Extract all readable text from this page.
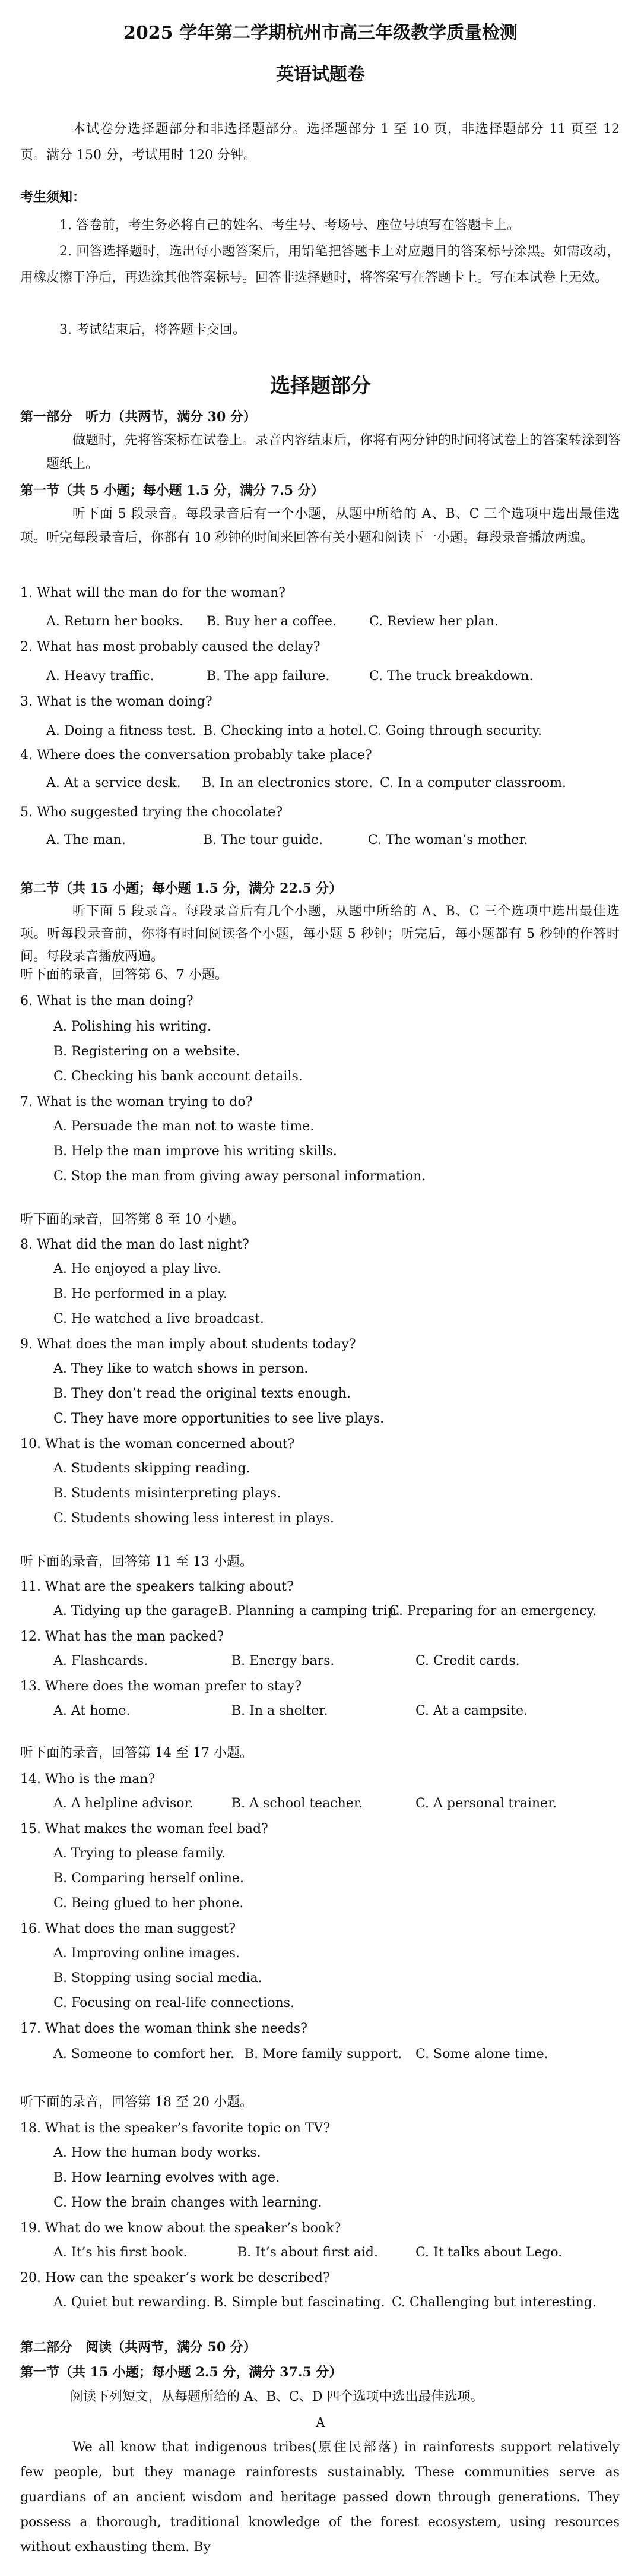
2025 学年第二学期杭州市高三年级教学质量检测
英语试题卷
本试卷分选择题部分和非选择题部分。选择题部分 1 至 10 页，非选择题部分 11 页至 12 页。满分 150 分，考试用时 120 分钟。
考生须知：
1. 答卷前，考生务必将自己的姓名、考生号、考场号、座位号填写在答题卡上。
2. 回答选择题时，选出每小题答案后，用铅笔把答题卡上对应题目的答案标号涂黑。如需改动，用橡皮擦干净后，再选涂其他答案标号。回答非选择题时，将答案写在答题卡上。写在本试卷上无效。
3. 考试结束后，将答题卡交回。
选择题部分
第一部分　听力（共两节，满分 30 分）
做题时，先将答案标在试卷上。录音内容结束后，你将有两分钟的时间将试卷上的答案转涂到答题纸上。
第一节（共 5 小题；每小题 1.5 分，满分 7.5 分）
听下面 5 段录音。每段录音后有一个小题，从题中所给的 A、B、C 三个选项中选出最佳选项。听完每段录音后，你都有 10 秒钟的时间来回答有关小题和阅读下一小题。每段录音播放两遍。
1. What will the man do for the woman?
A. Return her books. B. Buy her a coffee.	C. Review her plan.
2. What has most probably caused the delay?
A. Heavy traffic.	B. The app failure.	C. The truck breakdown.
3. What is the woman doing?
A. Doing a fitness test. B. Checking into a hotel. C. Going through security.
4. Where does the conversation probably take place?
A. At a service desk. B. In an electronics store. C. In a computer classroom.
5. Who suggested trying the chocolate?
A. The man.	B. The tour guide.	C. The woman’s mother.
第二节（共 15 小题；每小题 1.5 分，满分 22.5 分）
听下面 5 段录音。每段录音后有几个小题，从题中所给的 A、B、C 三个选项中选出最佳选项。听每段录音前，你将有时间阅读各个小题，每小题 5 秒钟；听完后，每小题都有 5 秒钟的作答时间。每段录音播放两遍。
听下面的录音，回答第 6、7 小题。
6. What is the man doing?
A. Polishing his writing.
B. Registering on a website.
C. Checking his bank account details.
7. What is the woman trying to do?
A. Persuade the man not to waste time.
B. Help the man improve his writing skills.
C. Stop the man from giving away personal information.
听下面的录音，回答第 8 至 10 小题。
8. What did the man do last night?
A. He enjoyed a play live.
B. He performed in a play.
C. He watched a live broadcast.
9. What does the man imply about students today?
A. They like to watch shows in person.
B. They don’t read the original texts enough.
C. They have more opportunities to see live plays.
10. What is the woman concerned about?
A. Students skipping reading.
B. Students misinterpreting plays.
C. Students showing less interest in plays.
听下面的录音，回答第 11 至 13 小题。
11. What are the speakers talking about?
A. Tidying up the garage.
B. Planning a camping trip.
C. Preparing for an emergency.
12. What has the man packed?
A. Flashcards.	B. Energy bars.	C. Credit cards.
13. Where does the woman prefer to stay?
A. At home.	B. In a shelter.	C. At a campsite.
听下面的录音，回答第 14 至 17 小题。
14. Who is the man?
A. A helpline advisor.	B. A school teacher.	C. A personal trainer.
15. What makes the woman feel bad?
A. Trying to please family.
B. Comparing herself online.
C. Being glued to her phone.
16. What does the man suggest?
A. Improving online images.
B. Stopping using social media.
C. Focusing on real-life connections.
17. What does the woman think she needs?
A. Someone to comfort her. B. More family support. C. Some alone time.
听下面的录音，回答第 18 至 20 小题。
18. What is the speaker’s favorite topic on TV?
A. How the human body works.
B. How learning evolves with age.
C. How the brain changes with learning.
19. What do we know about the speaker’s book?
A. It’s his first book.	B. It’s about first aid.	C. It talks about Lego.
20. How can the speaker’s work be described?
A. Quiet but rewarding. B. Simple but fascinating. C. Challenging but interesting.
第二部分　阅读（共两节，满分 50 分）
第一节（共 15 小题；每小题 2.5 分，满分 37.5 分）
阅读下列短文，从每题所给的 A、B、C、D 四个选项中选出最佳选项。
A
We all know that indigenous tribes(原住民部落) in rainforests support relatively few people, but they manage rainforests sustainably. These communities serve as guardians of an ancient wisdom and heritage passed down through generations. They possess a thorough, traditional knowledge of the forest ecosystem, using resources without exhausting them. By
